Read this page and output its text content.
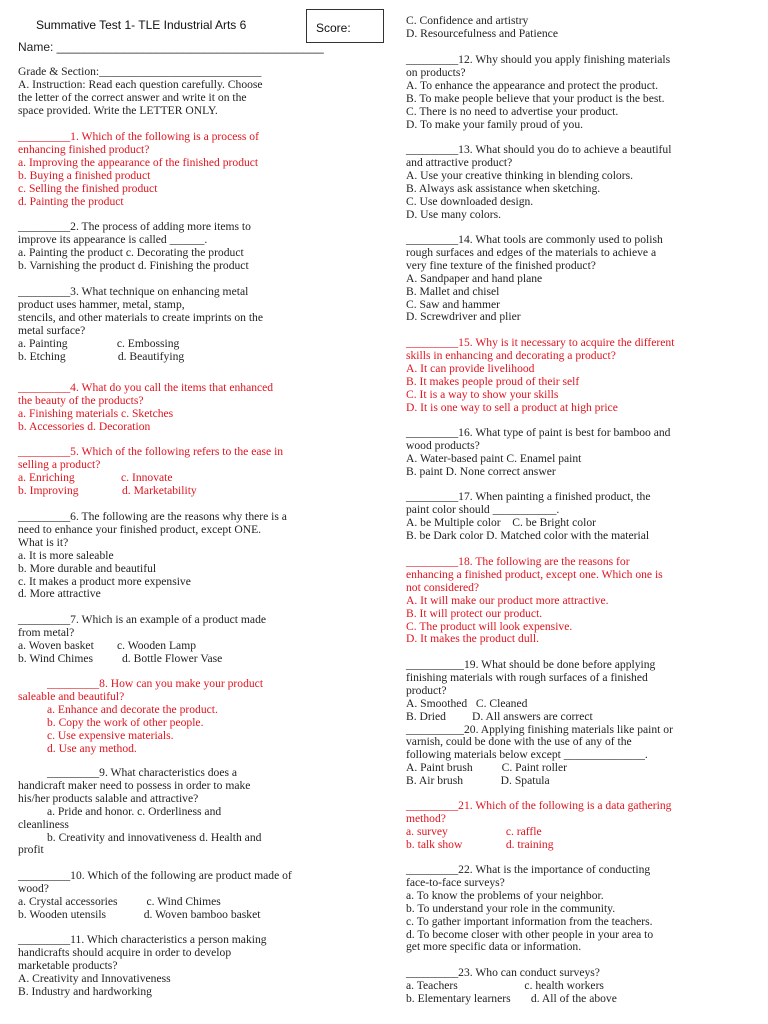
Summative Test 1- TLE Industrial Arts 6	Score:
Name: ________________________________________
Grade & Section:____________________________
A. Instruction: Read each question carefully. Choose
the letter of the correct answer and write it on the
space provided. Write the LETTER ONLY.
_________1. Which of the following is a process of
enhancing finished product?
a. Improving the appearance of the finished product
b. Buying a finished product
c. Selling the finished product
d. Painting the product
_________2. The process of adding more items to
improve its appearance is called ______.
a. Painting the product c. Decorating the product
b. Varnishing the product d. Finishing the product
_________3. What technique on enhancing metal
product uses hammer, metal, stamp,
stencils, and other materials to create imprints on the
metal surface?
a. Painting                 c. Embossing
b. Etching                  d. Beautifying
_________4. What do you call the items that enhanced
the beauty of the products?
a. Finishing materials c. Sketches
b. Accessories d. Decoration
_________5. Which of the following refers to the ease in
selling a product?
a. Enriching                c. Innovate
b. Improving               d. Marketability
_________6. The following are the reasons why there is a
need to enhance your finished product, except ONE.
What is it?
a. It is more saleable
b. More durable and beautiful
c. It makes a product more expensive
d. More attractive
_________7. Which is an example of a product made
from metal?
a. Woven basket        c. Wooden Lamp
b. Wind Chimes          d. Bottle Flower Vase
_________8. How can you make your product
saleable and beautiful?
a. Enhance and decorate the product.
b. Copy the work of other people.
c. Use expensive materials.
d. Use any method.
_________9. What characteristics does a
handicraft maker need to possess in order to make
his/her products salable and attractive?
a. Pride and honor. c. Orderliness and
cleanliness
b. Creativity and innovativeness d. Health and
profit
_________10. Which of the following are product made of
wood?
a. Crystal accessories          c. Wind Chimes
b. Wooden utensils             d. Woven bamboo basket
_________11. Which characteristics a person making
handicrafts should acquire in order to develop
marketable products?
A. Creativity and Innovativeness
B. Industry and hardworking
C. Confidence and artistry
D. Resourcefulness and Patience
_________12. Why should you apply finishing materials
on products?
A. To enhance the appearance and protect the product.
B. To make people believe that your product is the best.
C. There is no need to advertise your product.
D. To make your family proud of you.
_________13. What should you do to achieve a beautiful
and attractive product?
A. Use your creative thinking in blending colors.
B. Always ask assistance when sketching.
C. Use downloaded design.
D. Use many colors.
_________14. What tools are commonly used to polish
rough surfaces and edges of the materials to achieve a
very fine texture of the finished product?
A. Sandpaper and hand plane
B. Mallet and chisel
C. Saw and hammer
D. Screwdriver and plier
_________15. Why is it necessary to acquire the different
skills in enhancing and decorating a product?
A. It can provide livelihood
B. It makes people proud of their self
C. It is a way to show your skills
D. It is one way to sell a product at high price
_________16. What type of paint is best for bamboo and
wood products?
A. Water-based paint C. Enamel paint
B. paint D. None correct answer
_________17. When painting a finished product, the
paint color should ___________.
A. be Multiple color    C. be Bright color
B. be Dark color D. Matched color with the material
_________18. The following are the reasons for
enhancing a finished product, except one. Which one is
not considered?
A. It will make our product more attractive.
B. It will protect our product.
C. The product will look expensive.
D. It makes the product dull.
__________19. What should be done before applying
finishing materials with rough surfaces of a finished
product?
A. Smoothed   C. Cleaned
B. Dried         D. All answers are correct
__________20. Applying finishing materials like paint or
varnish, could be done with the use of any of the
following materials below except ______________.
A. Paint brush          C. Paint roller
B. Air brush             D. Spatula
_________21. Which of the following is a data gathering
method?
a. survey                    c. raffle
b. talk show               d. training
_________22. What is the importance of conducting
face-to-face surveys?
a. To know the problems of your neighbor.
b. To understand your role in the community.
c. To gather important information from the teachers.
d. To become closer with other people in your area to
get more specific data or information.
_________23. Who can conduct surveys?
a. Teachers                       c. health workers
b. Elementary learners       d. All of the above
